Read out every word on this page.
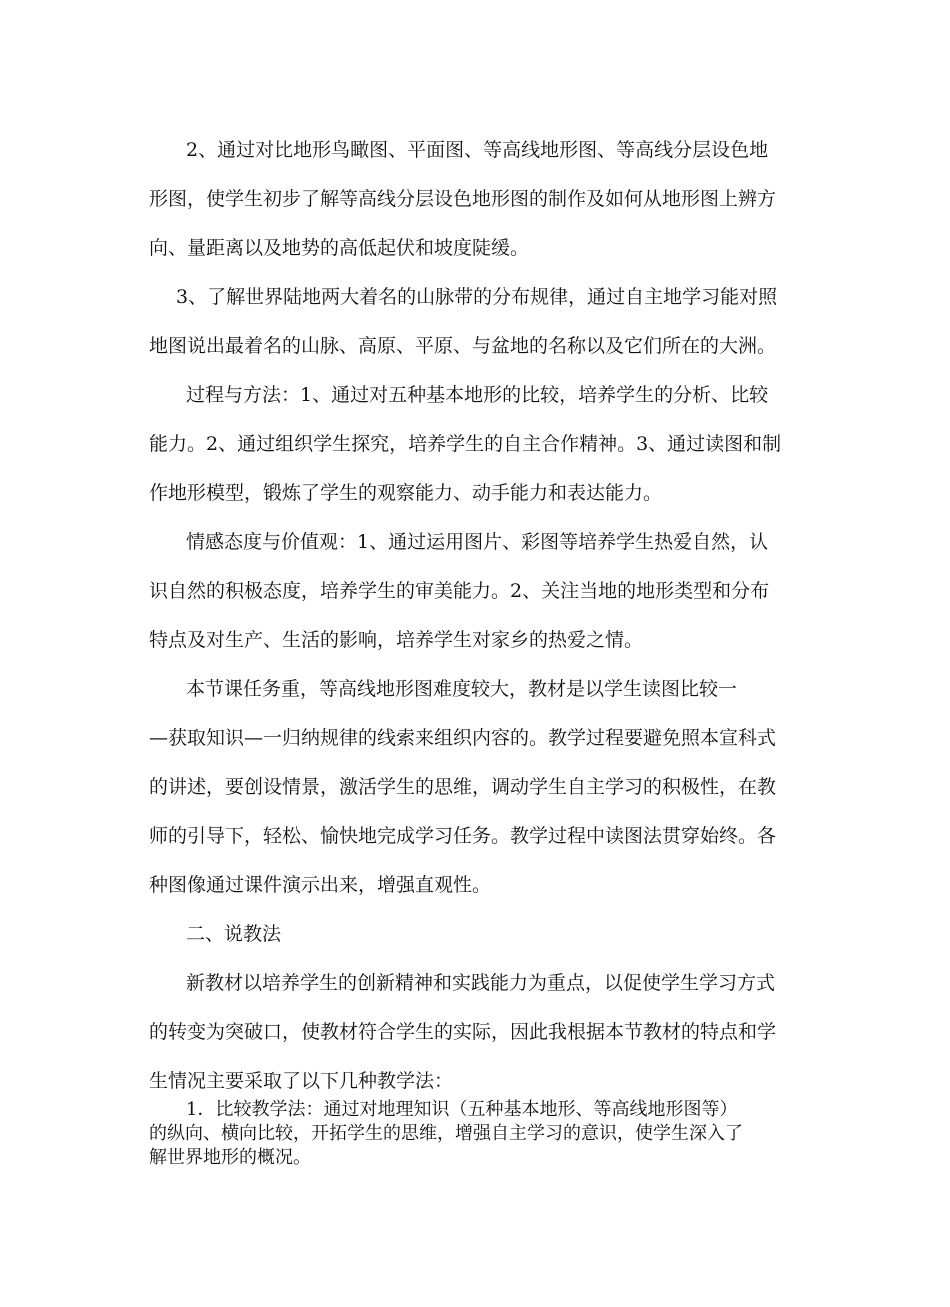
2、通过对比地形鸟瞰图、平面图、等高线地形图、等高线分层设色地
形图，使学生初步了解等高线分层设色地形图的制作及如何从地形图上辨方
向、量距离以及地势的高低起伏和坡度陡缓。
3、了解世界陆地两大着名的山脉带的分布规律，通过自主地学习能对照
地图说出最着名的山脉、高原、平原、与盆地的名称以及它们所在的大洲。
过程与方法：1、通过对五种基本地形的比较，培养学生的分析、比较
能力。2、通过组织学生探究，培养学生的自主合作精神。3、通过读图和制
作地形模型，锻炼了学生的观察能力、动手能力和表达能力。
情感态度与价值观：1、通过运用图片、彩图等培养学生热爱自然，认
识自然的积极态度，培养学生的审美能力。2、关注当地的地形类型和分布
特点及对生产、生活的影响，培养学生对家乡的热爱之情。
本节课任务重，等高线地形图难度较大，教材是以学生读图比较一
—获取知识—一归纳规律的线索来组织内容的。教学过程要避免照本宣科式
的讲述，要创设情景，激活学生的思维，调动学生自主学习的积极性，在教
师的引导下，轻松、愉快地完成学习任务。教学过程中读图法贯穿始终。各
种图像通过课件演示出来，增强直观性。
二、说教法
新教材以培养学生的创新精神和实践能力为重点，以促使学生学习方式
的转变为突破口，使教材符合学生的实际，因此我根据本节教材的特点和学
生情况主要采取了以下几种教学法：
1．比较教学法：通过对地理知识（五种基本地形、等高线地形图等）
的纵向、横向比较，开拓学生的思维，增强自主学习的意识，使学生深入了
解世界地形的概况。
